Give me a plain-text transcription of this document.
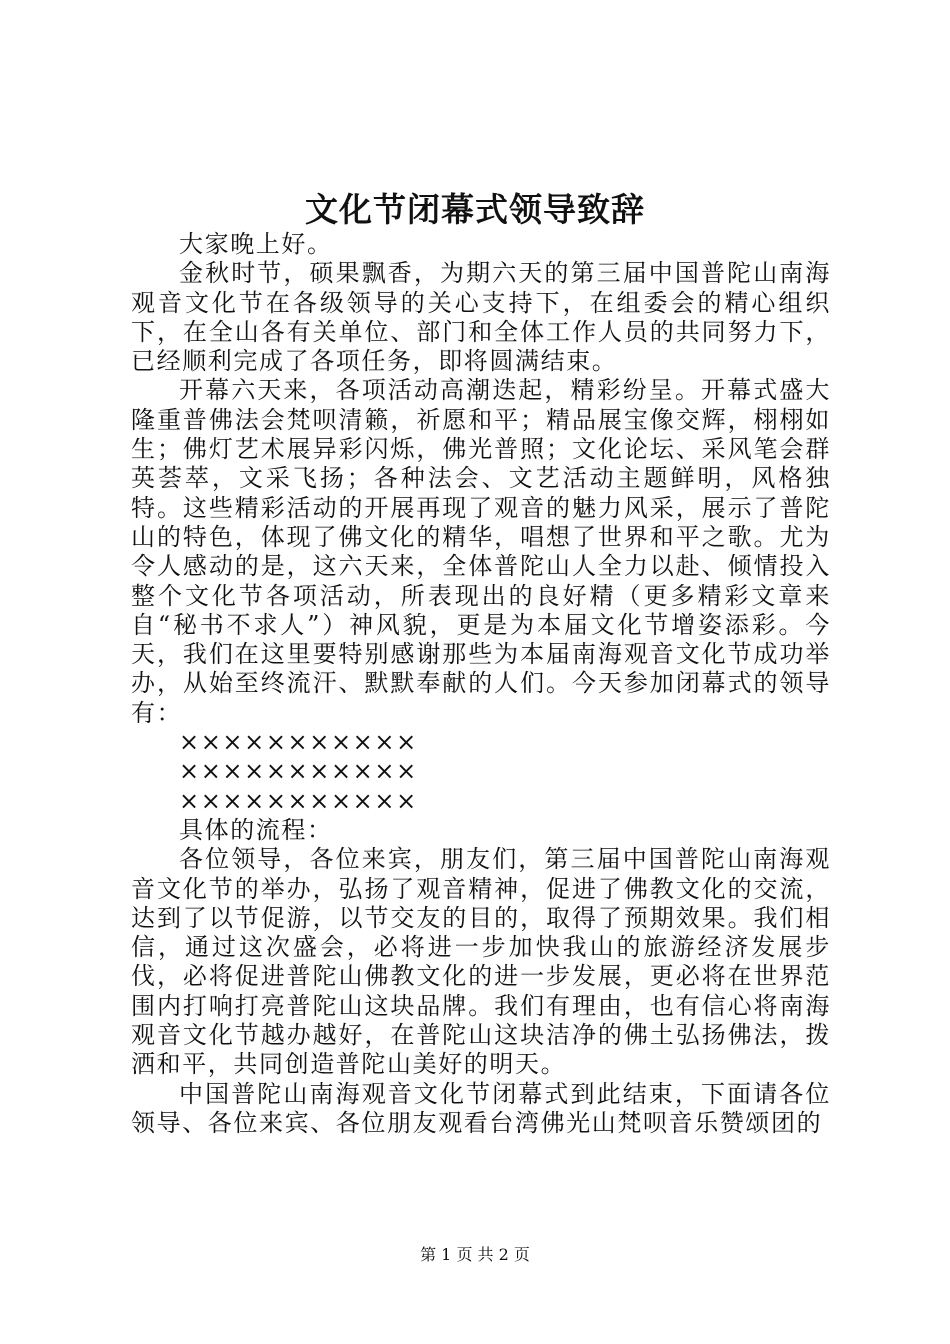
文化节闭幕式领导致辞

大家晚上好。

金秋时节，硕果飘香，为期六天的第三届中国普陀山南海观音文化节在各级领导的关心支持下，在组委会的精心组织下，在全山各有关单位、部门和全体工作人员的共同努力下，已经顺利完成了各项任务，即将圆满结束。

开幕六天来，各项活动高潮迭起，精彩纷呈。开幕式盛大隆重普佛法会梵呗清籁，祈愿和平；精品展宝像交辉，栩栩如生；佛灯艺术展异彩闪烁，佛光普照；文化论坛、采风笔会群英荟萃，文采飞扬；各种法会、文艺活动主题鲜明，风格独特。这些精彩活动的开展再现了观音的魅力风采，展示了普陀山的特色，体现了佛文化的精华，唱想了世界和平之歌。尤为令人感动的是，这六天来，全体普陀山人全力以赴、倾情投入整个文化节各项活动，所表现出的良好精（更多精彩文章来自“秘书不求人”）神风貌，更是为本届文化节增姿添彩。今天，我们在这里要特别感谢那些为本届南海观音文化节成功举办，从始至终流汗、默默奉献的人们。今天参加闭幕式的领导有：

×××××××××××

×××××××××××

×××××××××××

具体的流程：

各位领导，各位来宾，朋友们，第三届中国普陀山南海观音文化节的举办，弘扬了观音精神，促进了佛教文化的交流，达到了以节促游，以节交友的目的，取得了预期效果。我们相信，通过这次盛会，必将进一步加快我山的旅游经济发展步伐，必将促进普陀山佛教文化的进一步发展，更必将在世界范围内打响打亮普陀山这块品牌。我们有理由，也有信心将南海观音文化节越办越好，在普陀山这块洁净的佛土弘扬佛法，拨洒和平，共同创造普陀山美好的明天。

中国普陀山南海观音文化节闭幕式到此结束，下面请各位领导、各位来宾、各位朋友观看台湾佛光山梵呗音乐赞颂团的

第 1 页 共 2 页
